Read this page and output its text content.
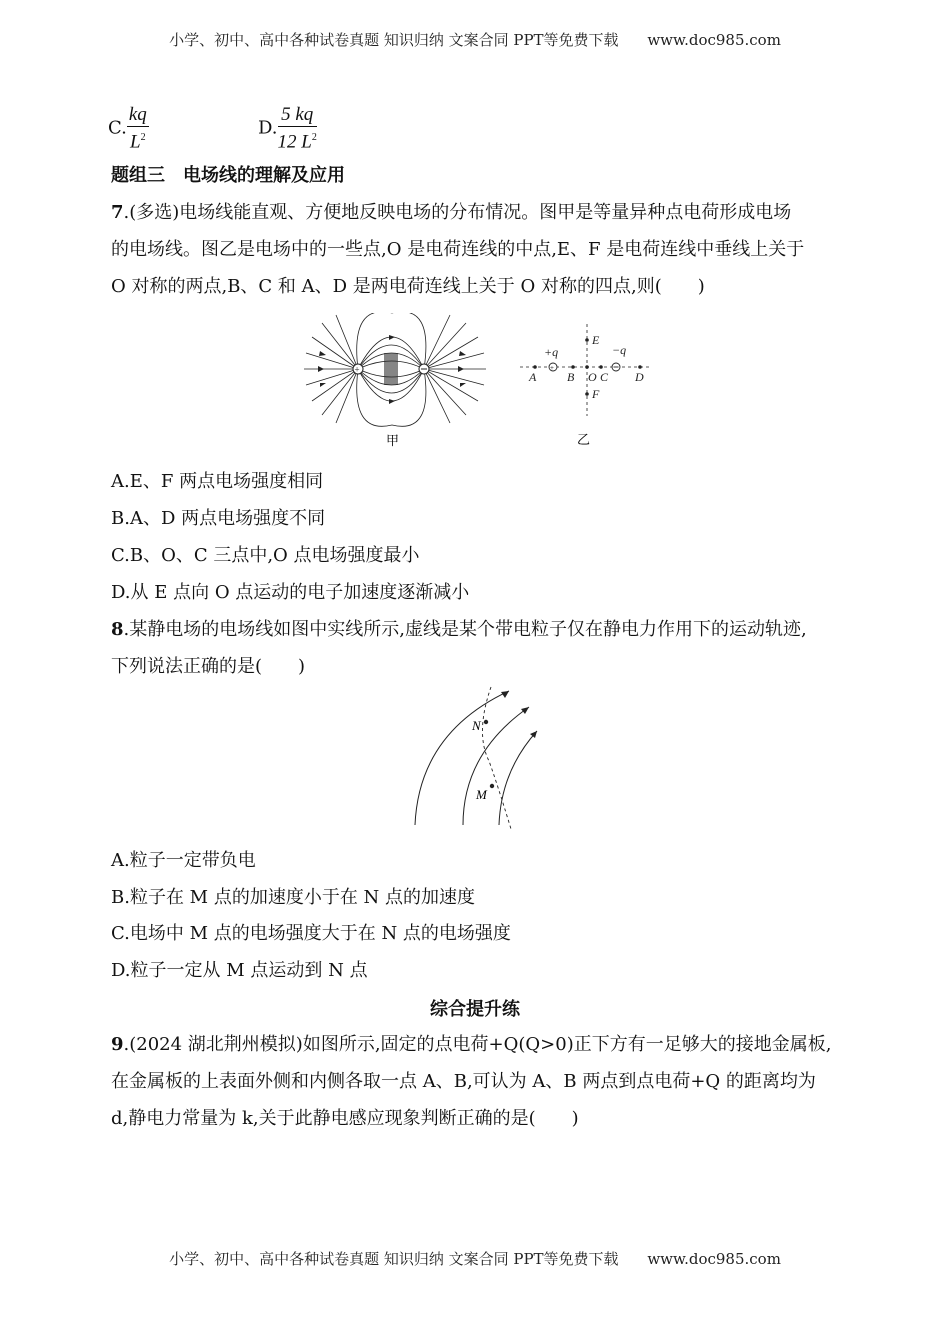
小学、初中、高中各种试卷真题 知识归纳 文案合同 PPT等免费下载 www.doc985.com
C. $\frac{kq}{L^2}$	D. $\frac{5 kq}{12 L^2}$
题组三　电场线的理解及应用
7.(多选)电场线能直观、方便地反映电场的分布情况。图甲是等量异种点电荷形成电场
的电场线。图乙是电场中的一些点,O 是电荷连线的中点,E、F 是电荷连线中垂线上关于
O 对称的两点,B、C 和 A、D 是两电荷连线上关于 O 对称的四点,则(　　)
+
甲
+
+q	−q
A	B O C D
E
F
乙
A.E、F 两点电场强度相同
B.A、D 两点电场强度不同
C.B、O、C 三点中,O 点电场强度最小
D.从 E 点向 O 点运动的电子加速度逐渐减小
8.某静电场的电场线如图中实线所示,虚线是某个带电粒子仅在静电力作用下的运动轨迹,
下列说法正确的是(　　)
N
M
A.粒子一定带负电
B.粒子在 M 点的加速度小于在 N 点的加速度
C.电场中 M 点的电场强度大于在 N 点的电场强度
D.粒子一定从 M 点运动到 N 点
综合提升练
9.(2024 湖北荆州模拟)如图所示,固定的点电荷+Q(Q>0)正下方有一足够大的接地金属板,
在金属板的上表面外侧和内侧各取一点 A、B,可认为 A、B 两点到点电荷+Q 的距离均为
d,静电力常量为 k,关于此静电感应现象判断正确的是(　　)
小学、初中、高中各种试卷真题 知识归纳 文案合同 PPT等免费下载 www.doc985.com
